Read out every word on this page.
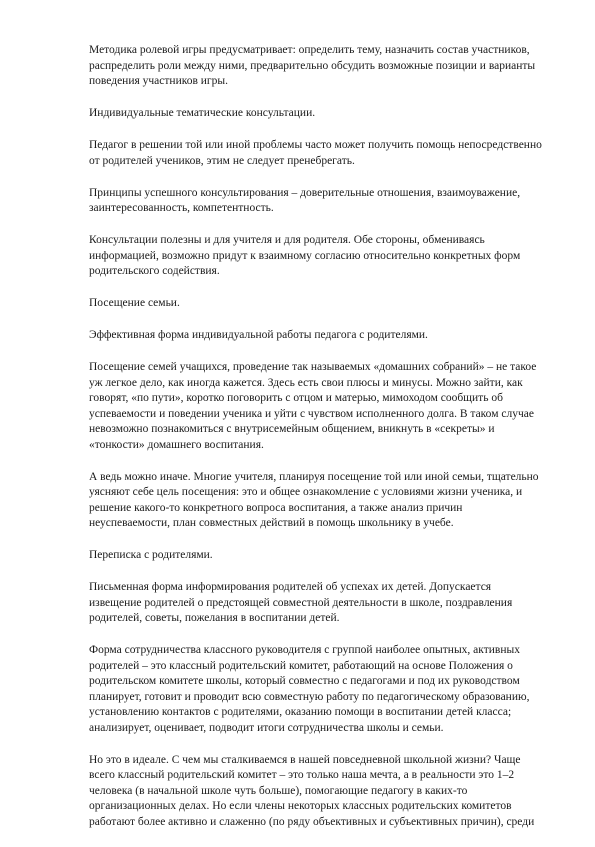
Методика ролевой игры предусматривает: определить тему, назначить состав участников,
распределить роли между ними, предварительно обсудить возможные позиции и варианты
поведения участников игры.
Индивидуальные тематические консультации.
Педагог в решении той или иной проблемы часто может получить помощь непосредственно
от родителей учеников, этим не следует пренебрегать.
Принципы успешного консультирования – доверительные отношения, взаимоуважение,
заинтересованность, компетентность.
Консультации полезны и для учителя и для родителя. Обе стороны, обмениваясь
информацией, возможно придут к взаимному согласию относительно конкретных форм
родительского содействия.
Посещение семьи.
Эффективная форма индивидуальной работы педагога с родителями.
Посещение семей учащихся, проведение так называемых «домашних собраний» – не такое
уж легкое дело, как иногда кажется. Здесь есть свои плюсы и минусы. Можно зайти, как
говорят, «по пути», коротко поговорить с отцом и матерью, мимоходом сообщить об
успеваемости и поведении ученика и уйти с чувством исполненного долга. В таком случае
невозможно познакомиться с внутрисемейным общением, вникнуть в «секреты» и
«тонкости» домашнего воспитания.
А ведь можно иначе. Многие учителя, планируя посещение той или иной семьи, тщательно
уясняют себе цель посещения: это и общее ознакомление с условиями жизни ученика, и
решение какого-то конкретного вопроса воспитания, а также анализ причин
неуспеваемости, план совместных действий в помощь школьнику в учебе.
Переписка с родителями.
Письменная форма информирования родителей об успехах их детей. Допускается
извещение родителей о предстоящей совместной деятельности в школе, поздравления
родителей, советы, пожелания в воспитании детей.
Форма сотрудничества классного руководителя с группой наиболее опытных, активных
родителей – это классный родительский комитет, работающий на основе Положения о
родительском комитете школы, который совместно с педагогами и под их руководством
планирует, готовит и проводит всю совместную работу по педагогическому образованию,
установлению контактов с родителями, оказанию помощи в воспитании детей класса;
анализирует, оценивает, подводит итоги сотрудничества школы и семьи.
Но это в идеале. С чем мы сталкиваемся в нашей повседневной школьной жизни? Чаще
всего классный родительский комитет – это только наша мечта, а в реальности это 1–2
человека (в начальной школе чуть больше), помогающие педагогу в каких-то
организационных делах. Но если члены некоторых классных родительских комитетов
работают более активно и слаженно (по ряду объективных и субъективных причин), среди
